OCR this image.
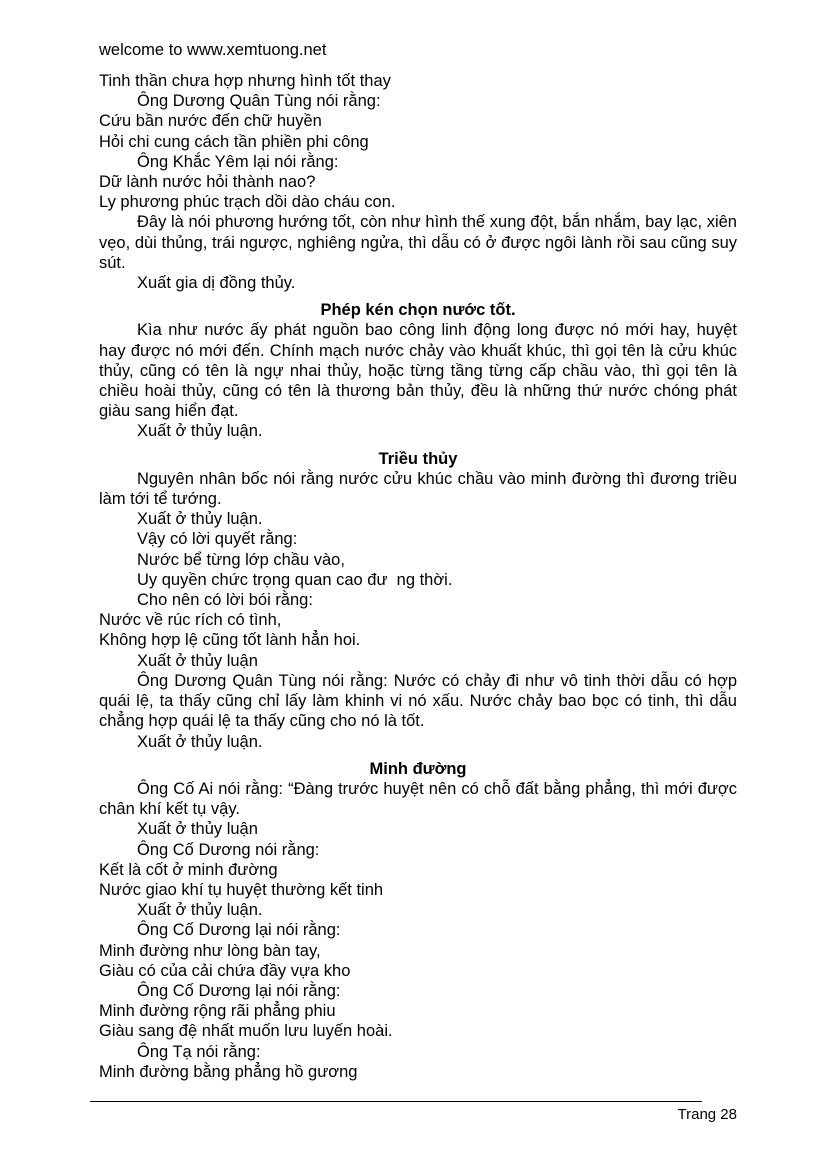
welcome to www.xemtuong.net

Tinh thần chưa hợp nhưng hình tốt thay

Ông Dương Quân Tùng nói rằng:

Cứu bần nước đến chữ huyền

Hỏi chi cung cách tần phiền phi công

Ông Khắc Yêm lại nói rằng:

Dữ lành nước hỏi thành nao?

Ly phương phúc trạch dồi dào cháu con.

Đây là nói phương hướng tốt, còn như hình thế xung đột, bắn nhắm, bay lạc, xiên vẹo, dùi thủng, trái ngược, nghiêng ngửa, thì dẫu có ở được ngôi lành rồi sau cũng suy sút.

Xuất gia dị đồng thủy.

Phép kén chọn nước tốt.

Kìa như nước ấy phát nguồn bao công linh động long được nó mới hay, huyệt hay được nó mới đến. Chính mạch nước chảy vào khuất khúc, thì gọi tên là cửu khúc thủy, cũng có tên là ngự nhai thủy, hoặc từng tầng từng cấp chầu vào, thì gọi tên là chiều hoài thủy, cũng có tên là thương bản thủy, đều là những thứ nước chóng phát giàu sang hiển đạt.

Xuất ở thủy luận.

Triều thủy

Nguyên nhân bốc nói rằng nước cửu khúc chầu vào minh đường thì đương triều làm tới tể tướng.

Xuất ở thủy luận.

Vậy có lời quyết rằng:

Nước bể từng lớp chầu vào,

Uy quyền chức trọng quan cao đư  ng thời.

Cho nên có lời bói rằng:

Nước về rúc rích có tình,

Không hợp lệ cũng tốt lành hẳn hoi.

Xuất ở thủy luận

Ông Dương Quân Tùng nói rằng: Nước có chảy đi như vô tinh thời dẫu có hợp quái lệ, ta thấy cũng chỉ lấy làm khinh vi nó xấu. Nước chảy bao bọc có tinh, thì dẫu chẳng hợp quái lệ ta thấy cũng cho nó là tốt.

Xuất ở thủy luận.

Minh đường

Ông Cố Ai nói rằng: “Đàng trước huyệt nên có chỗ đất bằng phẳng, thì mới được chân khí kết tụ vậy.

Xuất ở thủy luận

Ông Cố Dương nói rằng:

Kết là cốt ở minh đường

Nước giao khí tụ huyệt thường kết tinh

Xuất ở thủy luận.

Ông Cố Dương lại nói rằng:

Minh đường như lòng bàn tay,

Giàu có của cải chứa đầy vựa kho

Ông Cố Dương lại nói rằng:

Minh đường rộng rãi phẳng phiu

Giàu sang đệ nhất muốn lưu luyến hoài.

Ông Tạ nói rằng:

Minh đường bằng phẳng hồ gương

Trang 28
